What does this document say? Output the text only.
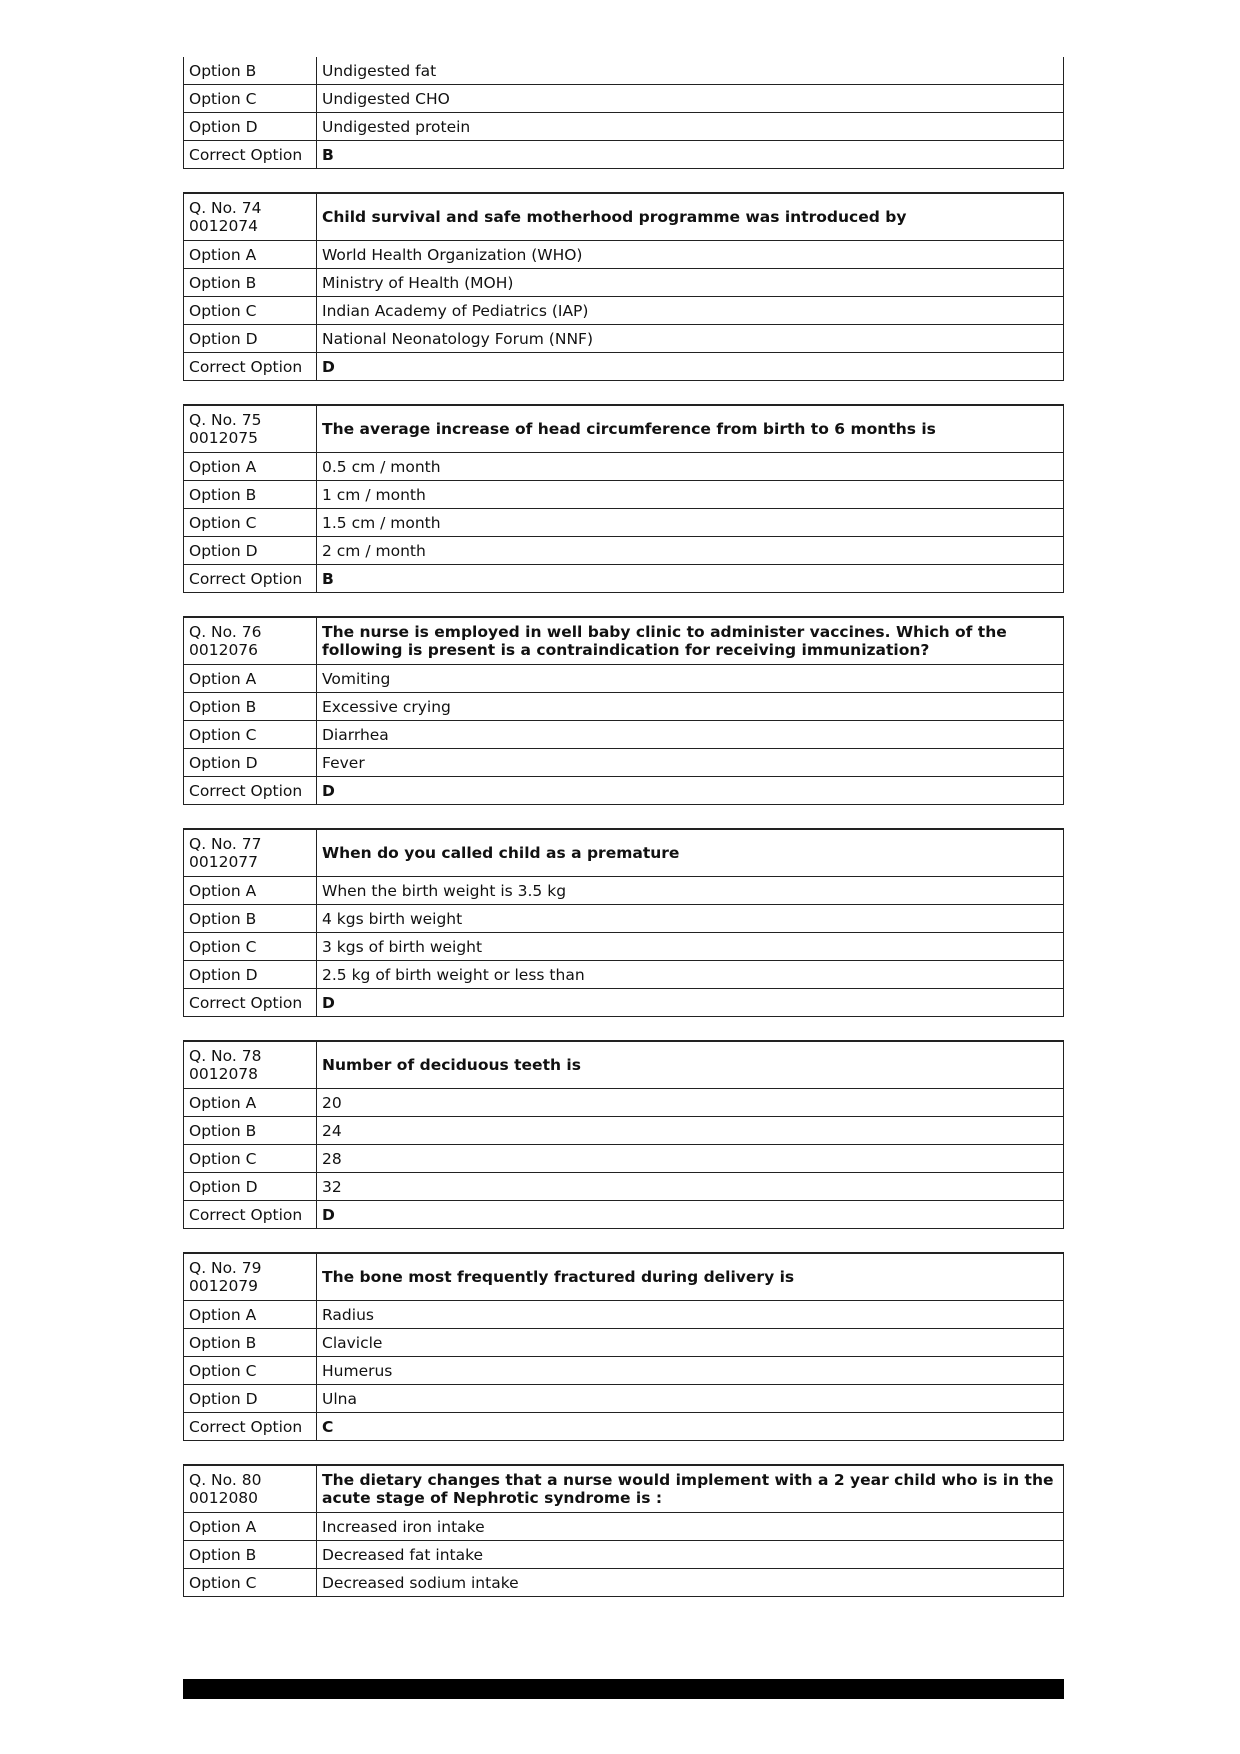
Option B	Undigested fat
Option C	Undigested CHO
Option D	Undigested protein
Correct Option	B
Q. No. 74
0012074	Child survival and safe motherhood programme was introduced by
Option A	World Health Organization (WHO)
Option B	Ministry of Health (MOH)
Option C	Indian Academy of Pediatrics (IAP)
Option D	National Neonatology Forum (NNF)
Correct Option	D
Q. No. 75
0012075	The average increase of head circumference from birth to 6 months is
Option A	0.5 cm / month
Option B	1 cm / month
Option C	1.5 cm / month
Option D	2 cm / month
Correct Option	B
Q. No. 76
0012076	The nurse is employed in well baby clinic to administer vaccines. Which of the following is present is a contraindication for receiving immunization?
Option A	Vomiting
Option B	Excessive crying
Option C	Diarrhea
Option D	Fever
Correct Option	D
Q. No. 77
0012077	When do you called child as a premature
Option A	When the birth weight is 3.5 kg
Option B	4 kgs birth weight
Option C	3 kgs of birth weight
Option D	2.5 kg of birth weight or less than
Correct Option	D
Q. No. 78
0012078	Number of deciduous teeth is
Option A	20
Option B	24
Option C	28
Option D	32
Correct Option	D
Q. No. 79
0012079	The bone most frequently fractured during delivery is
Option A	Radius
Option B	Clavicle
Option C	Humerus
Option D	Ulna
Correct Option	C
Q. No. 80
0012080	The dietary changes that a nurse would implement with a 2 year child who is in the acute stage of Nephrotic syndrome is :
Option A	Increased iron intake
Option B	Decreased fat intake
Option C	Decreased sodium intake
